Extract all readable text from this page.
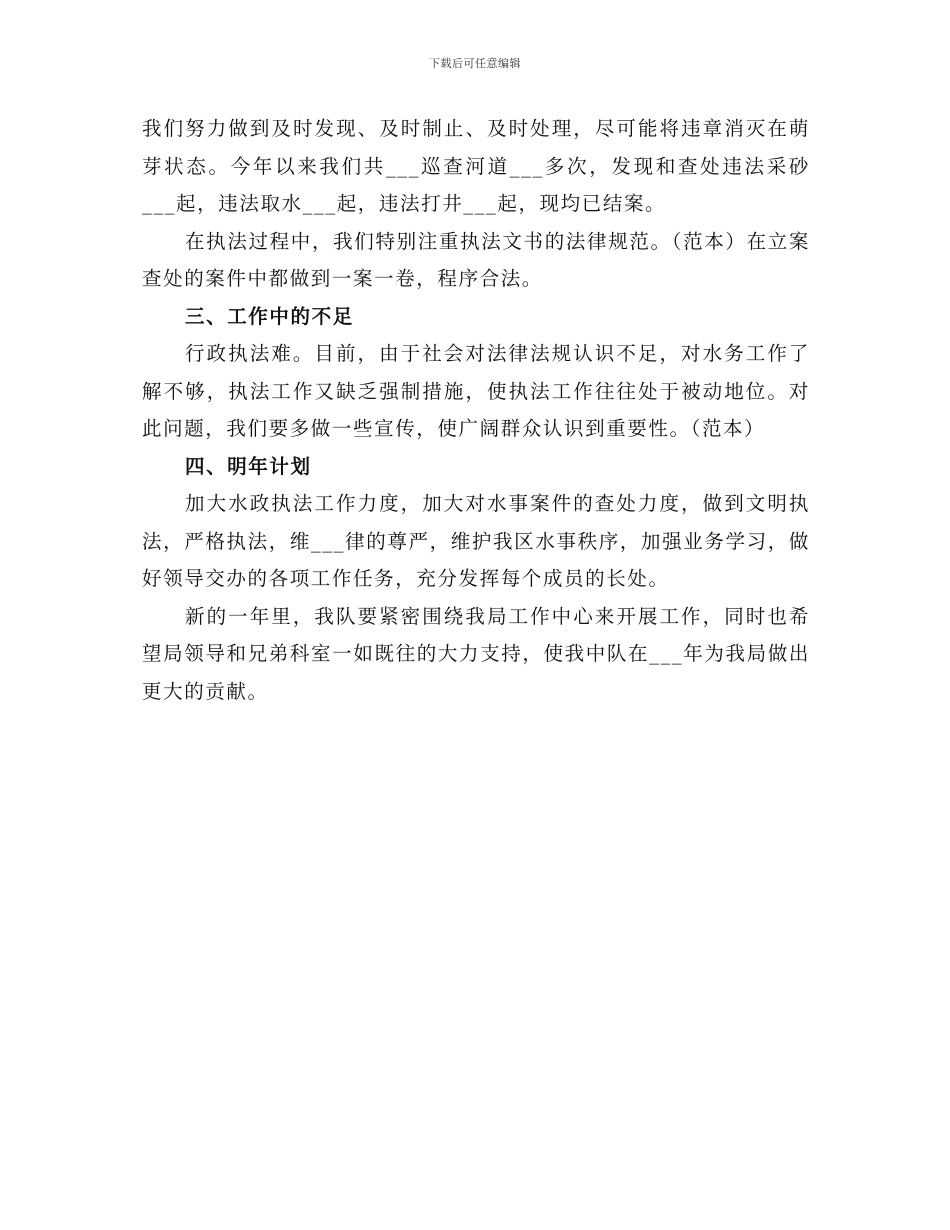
下载后可任意编辑

我们努力做到及时发现、及时制止、及时处理，尽可能将违章消灭在萌芽状态。今年以来我们共___巡查河道___多次，发现和查处违法采砂___起，违法取水___起，违法打井___起，现均已结案。

在执法过程中，我们特别注重执法文书的法律规范。（范本）在立案查处的案件中都做到一案一卷，程序合法。

三、工作中的不足

行政执法难。目前，由于社会对法律法规认识不足，对水务工作了解不够，执法工作又缺乏强制措施，使执法工作往往处于被动地位。对此问题，我们要多做一些宣传，使广阔群众认识到重要性。（范本）

四、明年计划

加大水政执法工作力度，加大对水事案件的查处力度，做到文明执法，严格执法，维___律的尊严，维护我区水事秩序，加强业务学习，做好领导交办的各项工作任务，充分发挥每个成员的长处。

新的一年里，我队要紧密围绕我局工作中心来开展工作，同时也希望局领导和兄弟科室一如既往的大力支持，使我中队在___年为我局做出更大的贡献。
